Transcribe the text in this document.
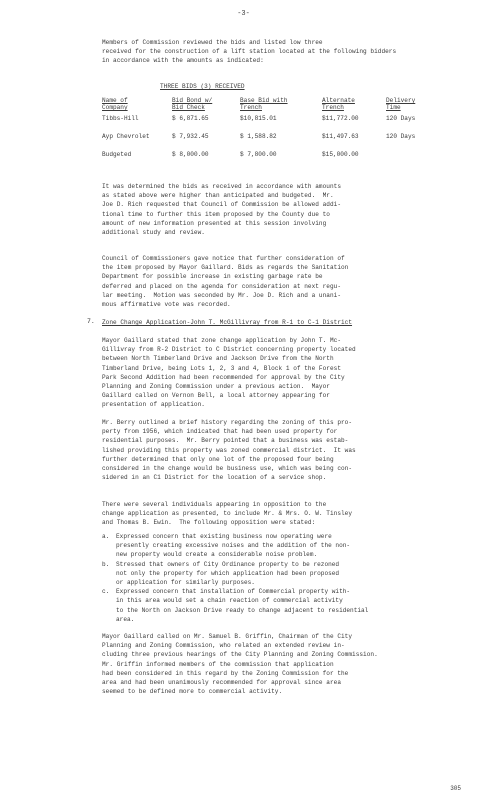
-3-
Members of Commission reviewed the bids and listed low three
received for the construction of a lift station located at the following bidders
in accordance with the amounts as indicated:
THREE BIDS (3) RECEIVED
Name of
Company	Bid Bond w/
Bid Check	Base Bid with
Trench	Alternate
Trench	Delivery
Time
Tibbs-Hill	$ 6,871.65	$10,815.01	$11,772.00	120 Days
Ayp Chevrolet	$ 7,932.45	$ 1,588.82	$11,497.63	120 Days
Budgeted	$ 8,000.00	$ 7,800.00	$15,000.00	
It was determined the bids as received in accordance with amounts
as stated above were higher than anticipated and budgeted.  Mr.
Joe D. Rich requested that Council of Commission be allowed addi-
tional time to further this item proposed by the County due to
amount of new information presented at this session involving
additional study and review.
Council of Commissioners gave notice that further consideration of
the item proposed by Mayor Gaillard. Bids as regards the Sanitation
Department for possible increase in existing garbage rate be
deferred and placed on the agenda for consideration at next regu-
lar meeting.  Motion was seconded by Mr. Joe D. Rich and a unani-
mous affirmative vote was recorded.
7. Zone Change Application-John T. McGillivray from R-1 to C-1 District
Mayor Gaillard stated that zone change application by John T. Mc-
Gillivray from R-2 District to C District concerning property located
between North Timberland Drive and Jackson Drive from the North
Timberland Drive, being Lots 1, 2, 3 and 4, Block 1 of the Forest
Park Second Addition had been recommended for approval by the City
Planning and Zoning Commission under a previous action.  Mayor
Gaillard called on Vernon Bell, a local attorney appearing for
presentation of application.
Mr. Berry outlined a brief history regarding the zoning of this pro-
perty from 1956, which indicated that had been used property for
residential purposes.  Mr. Berry pointed that a business was estab-
lished providing this property was zoned commercial district.  It was
further determined that only one lot of the proposed four being
considered in the change would be business use, which was being con-
sidered in an C1 District for the location of a service shop.
There were several individuals appearing in opposition to the
change application as presented, to include Mr. & Mrs. O. W. Tinsley
and Thomas B. Ewin.  The following opposition were stated:
a.	Expressed concern that existing business now operating were
presently creating excessive noises and the addition of the non-
new property would create a considerable noise problem.
b.	Stressed that owners of City Ordinance property to be rezoned
not only the property for which application had been proposed
or application for similarly purposes.
c.	Expressed concern that installation of Commercial property with-
in this area would set a chain reaction of commercial activity
to the North on Jackson Drive ready to change adjacent to residential
area.
Mayor Gaillard called on Mr. Samuel B. Griffin, Chairman of the City
Planning and Zoning Commission, who related an extended review in-
cluding three previous hearings of the City Planning and Zoning Commission.
Mr. Griffin informed members of the commission that application
had been considered in this regard by the Zoning Commission for the
area and had been unanimously recommended for approval since area
seemed to be defined more to commercial activity.
305
